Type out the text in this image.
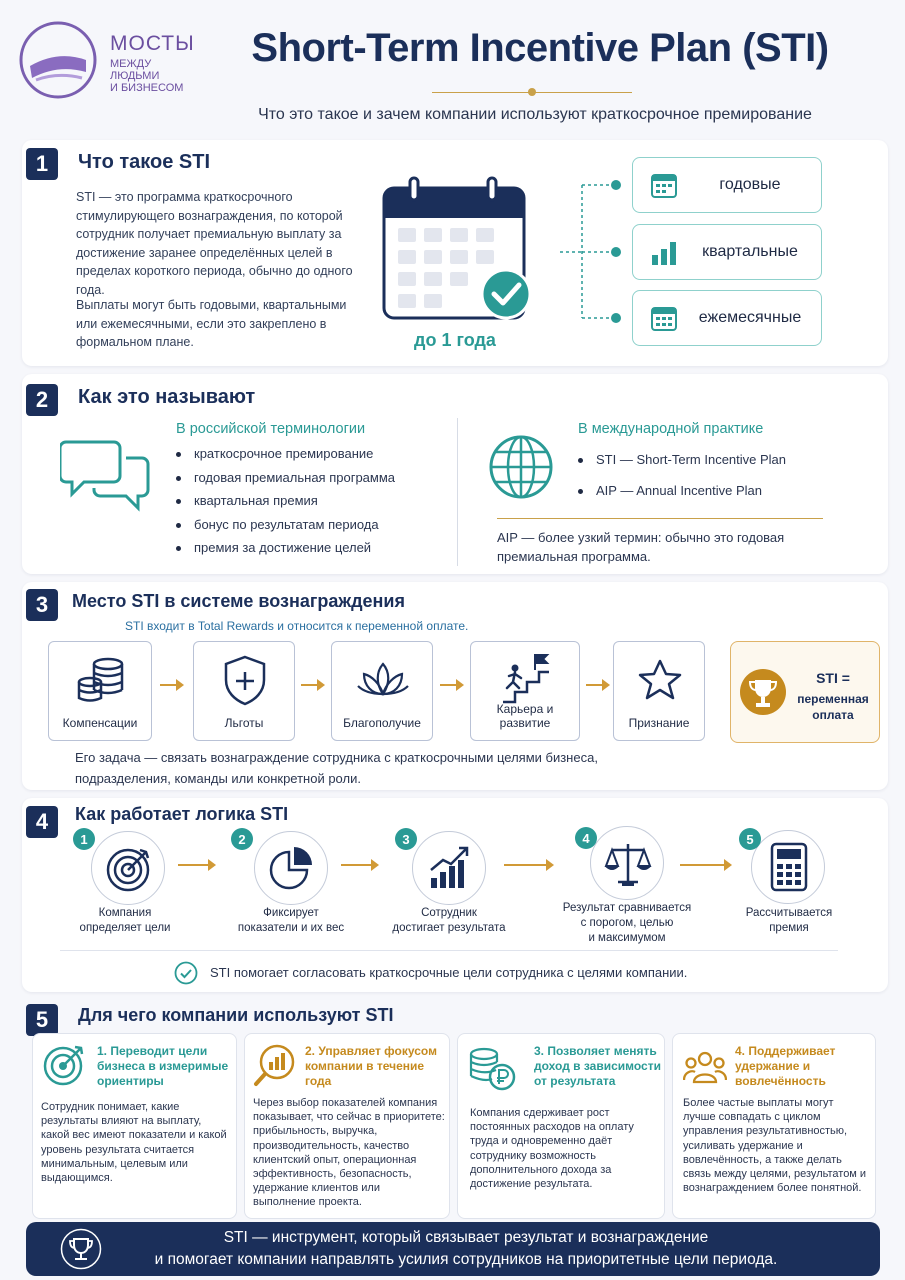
МОСТЫ
МЕЖДУ
ЛЮДЬМИ
И БИЗНЕСОМ
Short-Term Incentive Plan (STI)
Что это такое и зачем компании используют краткосрочное премирование
1	Что такое STI
STI — это программа краткосрочного стимулирующего вознаграждения, по которой сотрудник получает премиальную выплату за достижение заранее определённых целей в пределах короткого периода, обычно до одного года.
Выплаты могут быть годовыми, квартальными или ежемесячными, если это закреплено в формальном плане.	до 1 года
годовые
квартальные
ежемесячные
2	Как это называют
В российской терминологии
краткосрочное премирование
годовая премиальная программа
квартальная премия
бонус по результатам периода
премия за достижение целей
В международной практике
STI — Short-Term Incentive Plan
AIP — Annual Incentive Plan
AIP — более узкий термин: обычно это годовая премиальная программа.
3	Место STI в системе вознаграждения
STI входит в Total Rewards и относится к переменной оплате.
Компенсации	Льготы	Благополучие
Карьера и развитие	Признание
STI =
переменная
оплата
Его задача — связать вознаграждение сотрудника с краткосрочными целями бизнеса, подразделения, команды или конкретной роли.
4	Как работает логика STI
1
Компания
определяет цели
2
Фиксирует
показатели и их вес
3
Сотрудник
достигает результата
4
Результат сравнивается
с порогом, целью
и максимумом
5
Рассчитывается
премия
STI помогает согласовать краткосрочные цели сотрудника с целями компании.
5	Для чего компании используют STI
1. Переводит цели бизнеса в измеримые ориентиры
Сотрудник понимает, какие результаты влияют на выплату, какой вес имеют показатели и какой уровень результата считается минимальным, целевым или выдающимся.
2. Управляет фокусом компании в течение года
Через выбор показателей компания показывает, что сейчас в приоритете: прибыльность, выручка, производительность, качество клиентский опыт, операционная эффективность, безопасность, удержание клиентов или выполнение проекта.
3. Позволяет менять доход в зависимости от результата
Компания сдерживает рост постоянных расходов на оплату труда и одновременно даёт сотруднику возможность дополнительного дохода за достижение результата.
4. Поддерживает удержание и вовлечённость
Более частые выплаты могут лучше совпадать с циклом управления результативностью, усиливать удержание и вовлечённость, а также делать связь между целями, результатом и вознаграждением более понятной.
STI — инструмент, который связывает результат и вознаграждение
и помогает компании направлять усилия сотрудников на приоритетные цели периода.
